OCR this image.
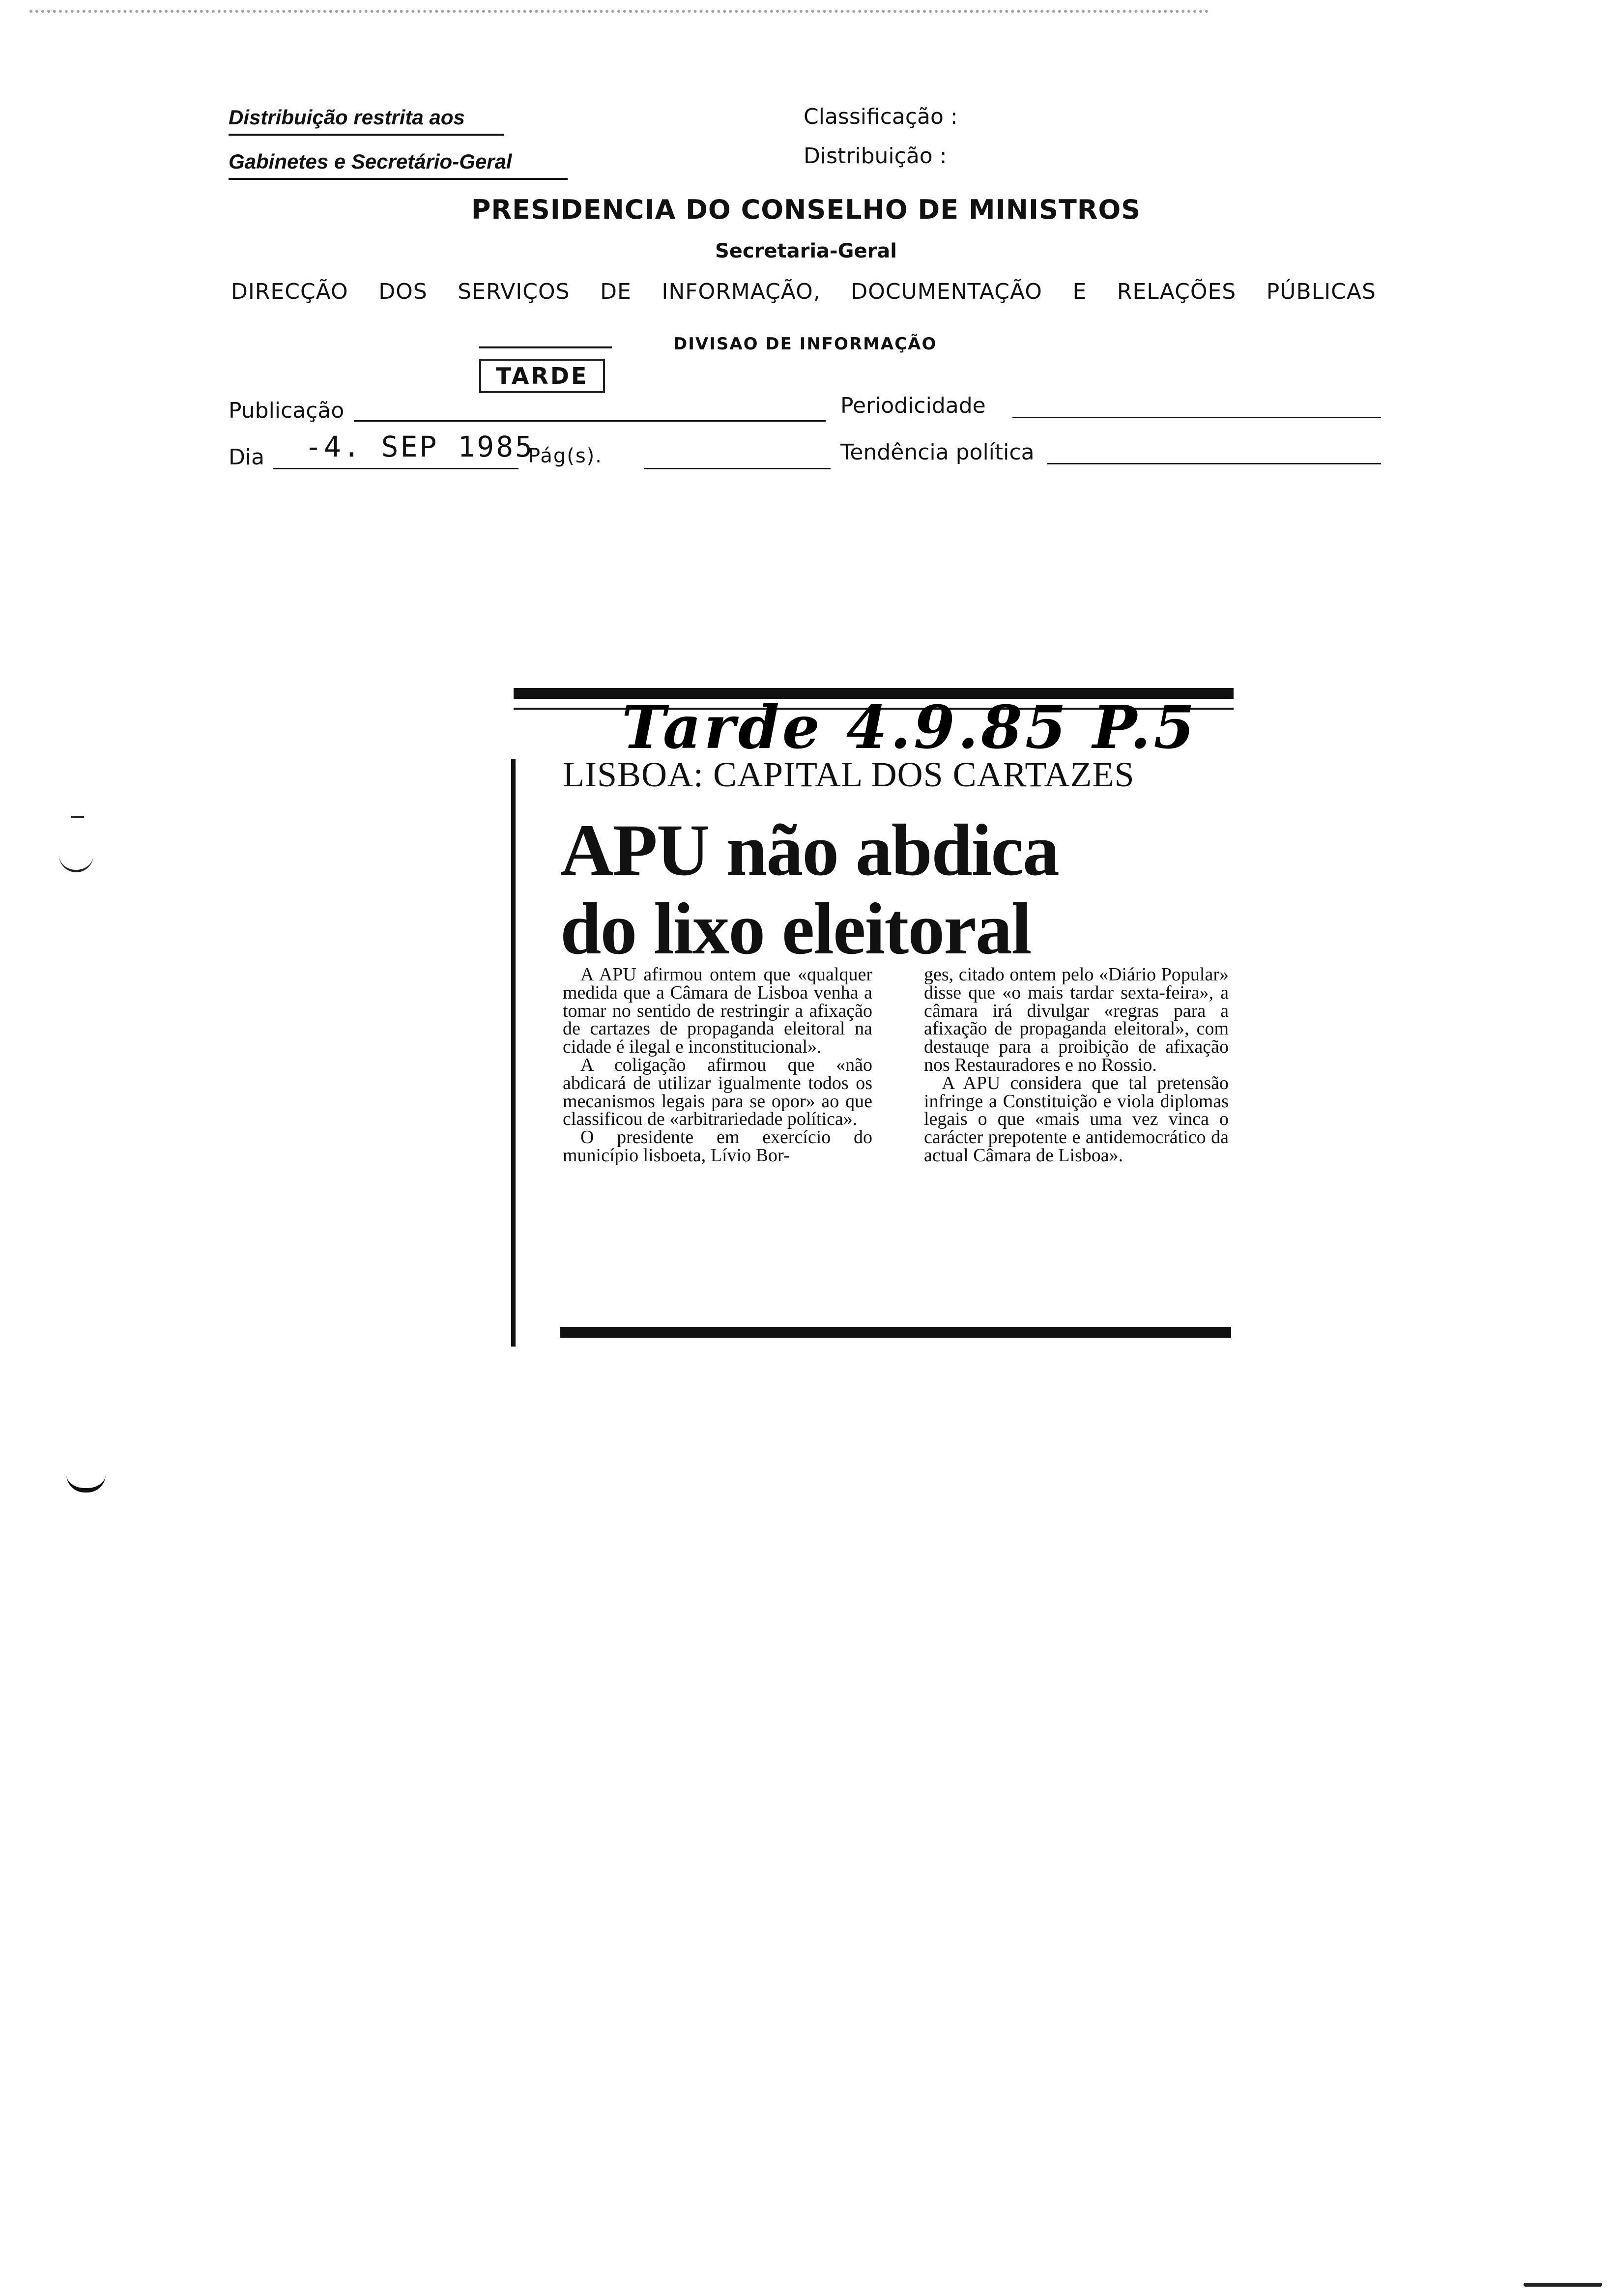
Distribuição restrita aos
Gabinetes e Secretário-Geral
Classificação :
Distribuição :
PRESIDENCIA DO CONSELHO DE MINISTROS
Secretaria-Geral
DIRECÇÃO DOS SERVIÇOS DE INFORMAÇÃO, DOCUMENTAÇÃO E RELAÇÕES PÚBLICAS
DIVISAO DE INFORMAÇÃO
TARDE
Publicação	Periodicidade
Dia -4. SEP 1985
Pág(s).	Tendência política
Tarde 4.9.85 P.5
LISBOA: CAPITAL DOS CARTAZES
APU não abdica
do lixo eleitoral

A APU afirmou ontem que «qualquer medida que a Câmara de Lisboa venha a tomar no sentido de restringir a afixação de cartazes de propaganda eleitoral na cidade é ilegal e inconstitucional».

A coligação afirmou que «não abdicará de utilizar igualmente todos os mecanismos legais para se opor» ao que classificou de «arbitrariedade política».

O presidente em exercício do município lisboeta, Lívio Bor-

ges, citado ontem pelo «Diário Popular» disse que «o mais tardar sexta-feira», a câmara irá divulgar «regras para a afixação de propaganda eleitoral», com destauqe para a proibição de afixação nos Restauradores e no Rossio.

A APU considera que tal pretensão infringe a Constituição e viola diplomas legais o que «mais uma vez vinca o carácter prepotente e antidemocrático da actual Câmara de Lisboa».
